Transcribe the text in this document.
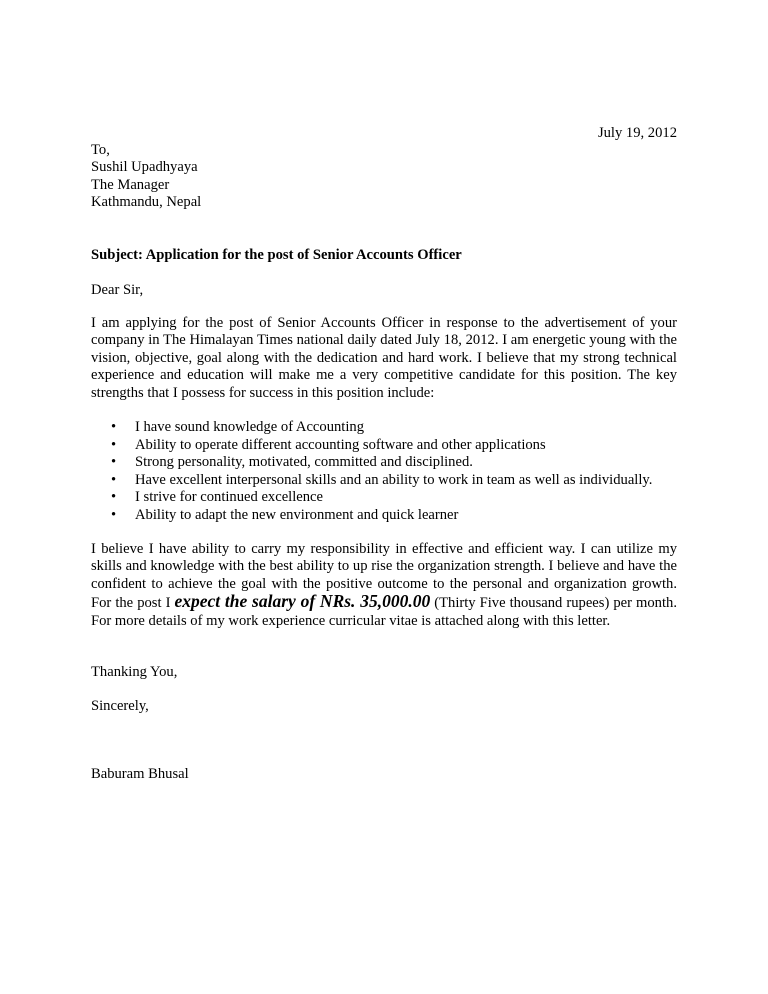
July 19, 2012
To,
Sushil Upadhyaya
The Manager
Kathmandu, Nepal
Subject: Application for the post of Senior Accounts Officer
Dear Sir,
I am applying for the post of Senior Accounts Officer in response to the advertisement of your company in The Himalayan Times national daily dated July 18, 2012. I am energetic young with the vision, objective, goal along with the dedication and hard work. I believe that my strong technical experience and education will make me a very competitive candidate for this position. The key strengths that I possess for success in this position include:
• I have sound knowledge of Accounting
• Ability to operate different accounting software and other applications
• Strong personality, motivated, committed and disciplined.
• Have excellent interpersonal skills and an ability to work in team as well as individually.
• I strive for continued excellence
• Ability to adapt the new environment and quick learner
I believe I have ability to carry my responsibility in effective and efficient way. I can utilize my skills and knowledge with the best ability to up rise the organization strength. I believe and have the confident to achieve the goal with the positive outcome to the personal and organization growth. For the post I expect the salary of NRs. 35,000.00 (Thirty Five thousand rupees) per month. For more details of my work experience curricular vitae is attached along with this letter.
Thanking You,
Sincerely,
Baburam Bhusal
